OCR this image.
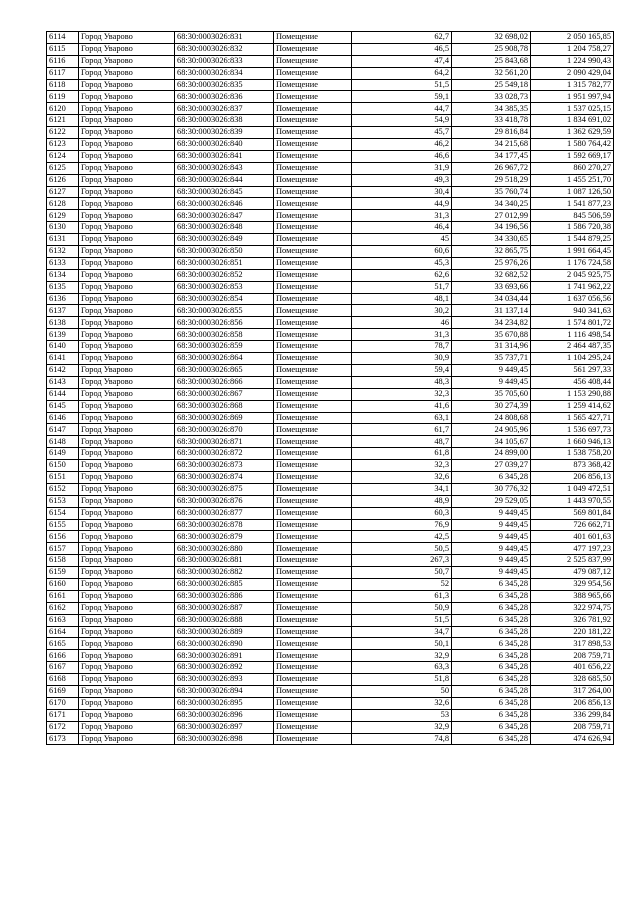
6114	Город Уварово	68:30:0003026:831	Помещение	62,7	32 698,02	2 050 165,85
6115	Город Уварово	68:30:0003026:832	Помещение	46,5	25 908,78	1 204 758,27
6116	Город Уварово	68:30:0003026:833	Помещение	47,4	25 843,68	1 224 990,43
6117	Город Уварово	68:30:0003026:834	Помещение	64,2	32 561,20	2 090 429,04
6118	Город Уварово	68:30:0003026:835	Помещение	51,5	25 549,18	1 315 782,77
6119	Город Уварово	68:30:0003026:836	Помещение	59,1	33 028,73	1 951 997,94
6120	Город Уварово	68:30:0003026:837	Помещение	44,7	34 385,35	1 537 025,15
6121	Город Уварово	68:30:0003026:838	Помещение	54,9	33 418,78	1 834 691,02
6122	Город Уварово	68:30:0003026:839	Помещение	45,7	29 816,84	1 362 629,59
6123	Город Уварово	68:30:0003026:840	Помещение	46,2	34 215,68	1 580 764,42
6124	Город Уварово	68:30:0003026:841	Помещение	46,6	34 177,45	1 592 669,17
6125	Город Уварово	68:30:0003026:843	Помещение	31,9	26 967,72	860 270,27
6126	Город Уварово	68:30:0003026:844	Помещение	49,3	29 518,29	1 455 251,70
6127	Город Уварово	68:30:0003026:845	Помещение	30,4	35 760,74	1 087 126,50
6128	Город Уварово	68:30:0003026:846	Помещение	44,9	34 340,25	1 541 877,23
6129	Город Уварово	68:30:0003026:847	Помещение	31,3	27 012,99	845 506,59
6130	Город Уварово	68:30:0003026:848	Помещение	46,4	34 196,56	1 586 720,38
6131	Город Уварово	68:30:0003026:849	Помещение	45	34 330,65	1 544 879,25
6132	Город Уварово	68:30:0003026:850	Помещение	60,6	32 865,75	1 991 664,45
6133	Город Уварово	68:30:0003026:851	Помещение	45,3	25 976,26	1 176 724,58
6134	Город Уварово	68:30:0003026:852	Помещение	62,6	32 682,52	2 045 925,75
6135	Город Уварово	68:30:0003026:853	Помещение	51,7	33 693,66	1 741 962,22
6136	Город Уварово	68:30:0003026:854	Помещение	48,1	34 034,44	1 637 056,56
6137	Город Уварово	68:30:0003026:855	Помещение	30,2	31 137,14	940 341,63
6138	Город Уварово	68:30:0003026:856	Помещение	46	34 234,82	1 574 801,72
6139	Город Уварово	68:30:0003026:858	Помещение	31,3	35 670,88	1 116 498,54
6140	Город Уварово	68:30:0003026:859	Помещение	78,7	31 314,96	2 464 487,35
6141	Город Уварово	68:30:0003026:864	Помещение	30,9	35 737,71	1 104 295,24
6142	Город Уварово	68:30:0003026:865	Помещение	59,4	9 449,45	561 297,33
6143	Город Уварово	68:30:0003026:866	Помещение	48,3	9 449,45	456 408,44
6144	Город Уварово	68:30:0003026:867	Помещение	32,3	35 705,60	1 153 290,88
6145	Город Уварово	68:30:0003026:868	Помещение	41,6	30 274,39	1 259 414,62
6146	Город Уварово	68:30:0003026:869	Помещение	63,1	24 808,68	1 565 427,71
6147	Город Уварово	68:30:0003026:870	Помещение	61,7	24 905,96	1 536 697,73
6148	Город Уварово	68:30:0003026:871	Помещение	48,7	34 105,67	1 660 946,13
6149	Город Уварово	68:30:0003026:872	Помещение	61,8	24 899,00	1 538 758,20
6150	Город Уварово	68:30:0003026:873	Помещение	32,3	27 039,27	873 368,42
6151	Город Уварово	68:30:0003026:874	Помещение	32,6	6 345,28	206 856,13
6152	Город Уварово	68:30:0003026:875	Помещение	34,1	30 776,32	1 049 472,51
6153	Город Уварово	68:30:0003026:876	Помещение	48,9	29 529,05	1 443 970,55
6154	Город Уварово	68:30:0003026:877	Помещение	60,3	9 449,45	569 801,84
6155	Город Уварово	68:30:0003026:878	Помещение	76,9	9 449,45	726 662,71
6156	Город Уварово	68:30:0003026:879	Помещение	42,5	9 449,45	401 601,63
6157	Город Уварово	68:30:0003026:880	Помещение	50,5	9 449,45	477 197,23
6158	Город Уварово	68:30:0003026:881	Помещение	267,3	9 449,45	2 525 837,99
6159	Город Уварово	68:30:0003026:882	Помещение	50,7	9 449,45	479 087,12
6160	Город Уварово	68:30:0003026:885	Помещение	52	6 345,28	329 954,56
6161	Город Уварово	68:30:0003026:886	Помещение	61,3	6 345,28	388 965,66
6162	Город Уварово	68:30:0003026:887	Помещение	50,9	6 345,28	322 974,75
6163	Город Уварово	68:30:0003026:888	Помещение	51,5	6 345,28	326 781,92
6164	Город Уварово	68:30:0003026:889	Помещение	34,7	6 345,28	220 181,22
6165	Город Уварово	68:30:0003026:890	Помещение	50,1	6 345,28	317 898,53
6166	Город Уварово	68:30:0003026:891	Помещение	32,9	6 345,28	208 759,71
6167	Город Уварово	68:30:0003026:892	Помещение	63,3	6 345,28	401 656,22
6168	Город Уварово	68:30:0003026:893	Помещение	51,8	6 345,28	328 685,50
6169	Город Уварово	68:30:0003026:894	Помещение	50	6 345,28	317 264,00
6170	Город Уварово	68:30:0003026:895	Помещение	32,6	6 345,28	206 856,13
6171	Город Уварово	68:30:0003026:896	Помещение	53	6 345,28	336 299,84
6172	Город Уварово	68:30:0003026:897	Помещение	32,9	6 345,28	208 759,71
6173	Город Уварово	68:30:0003026:898	Помещение	74,8	6 345,28	474 626,94
